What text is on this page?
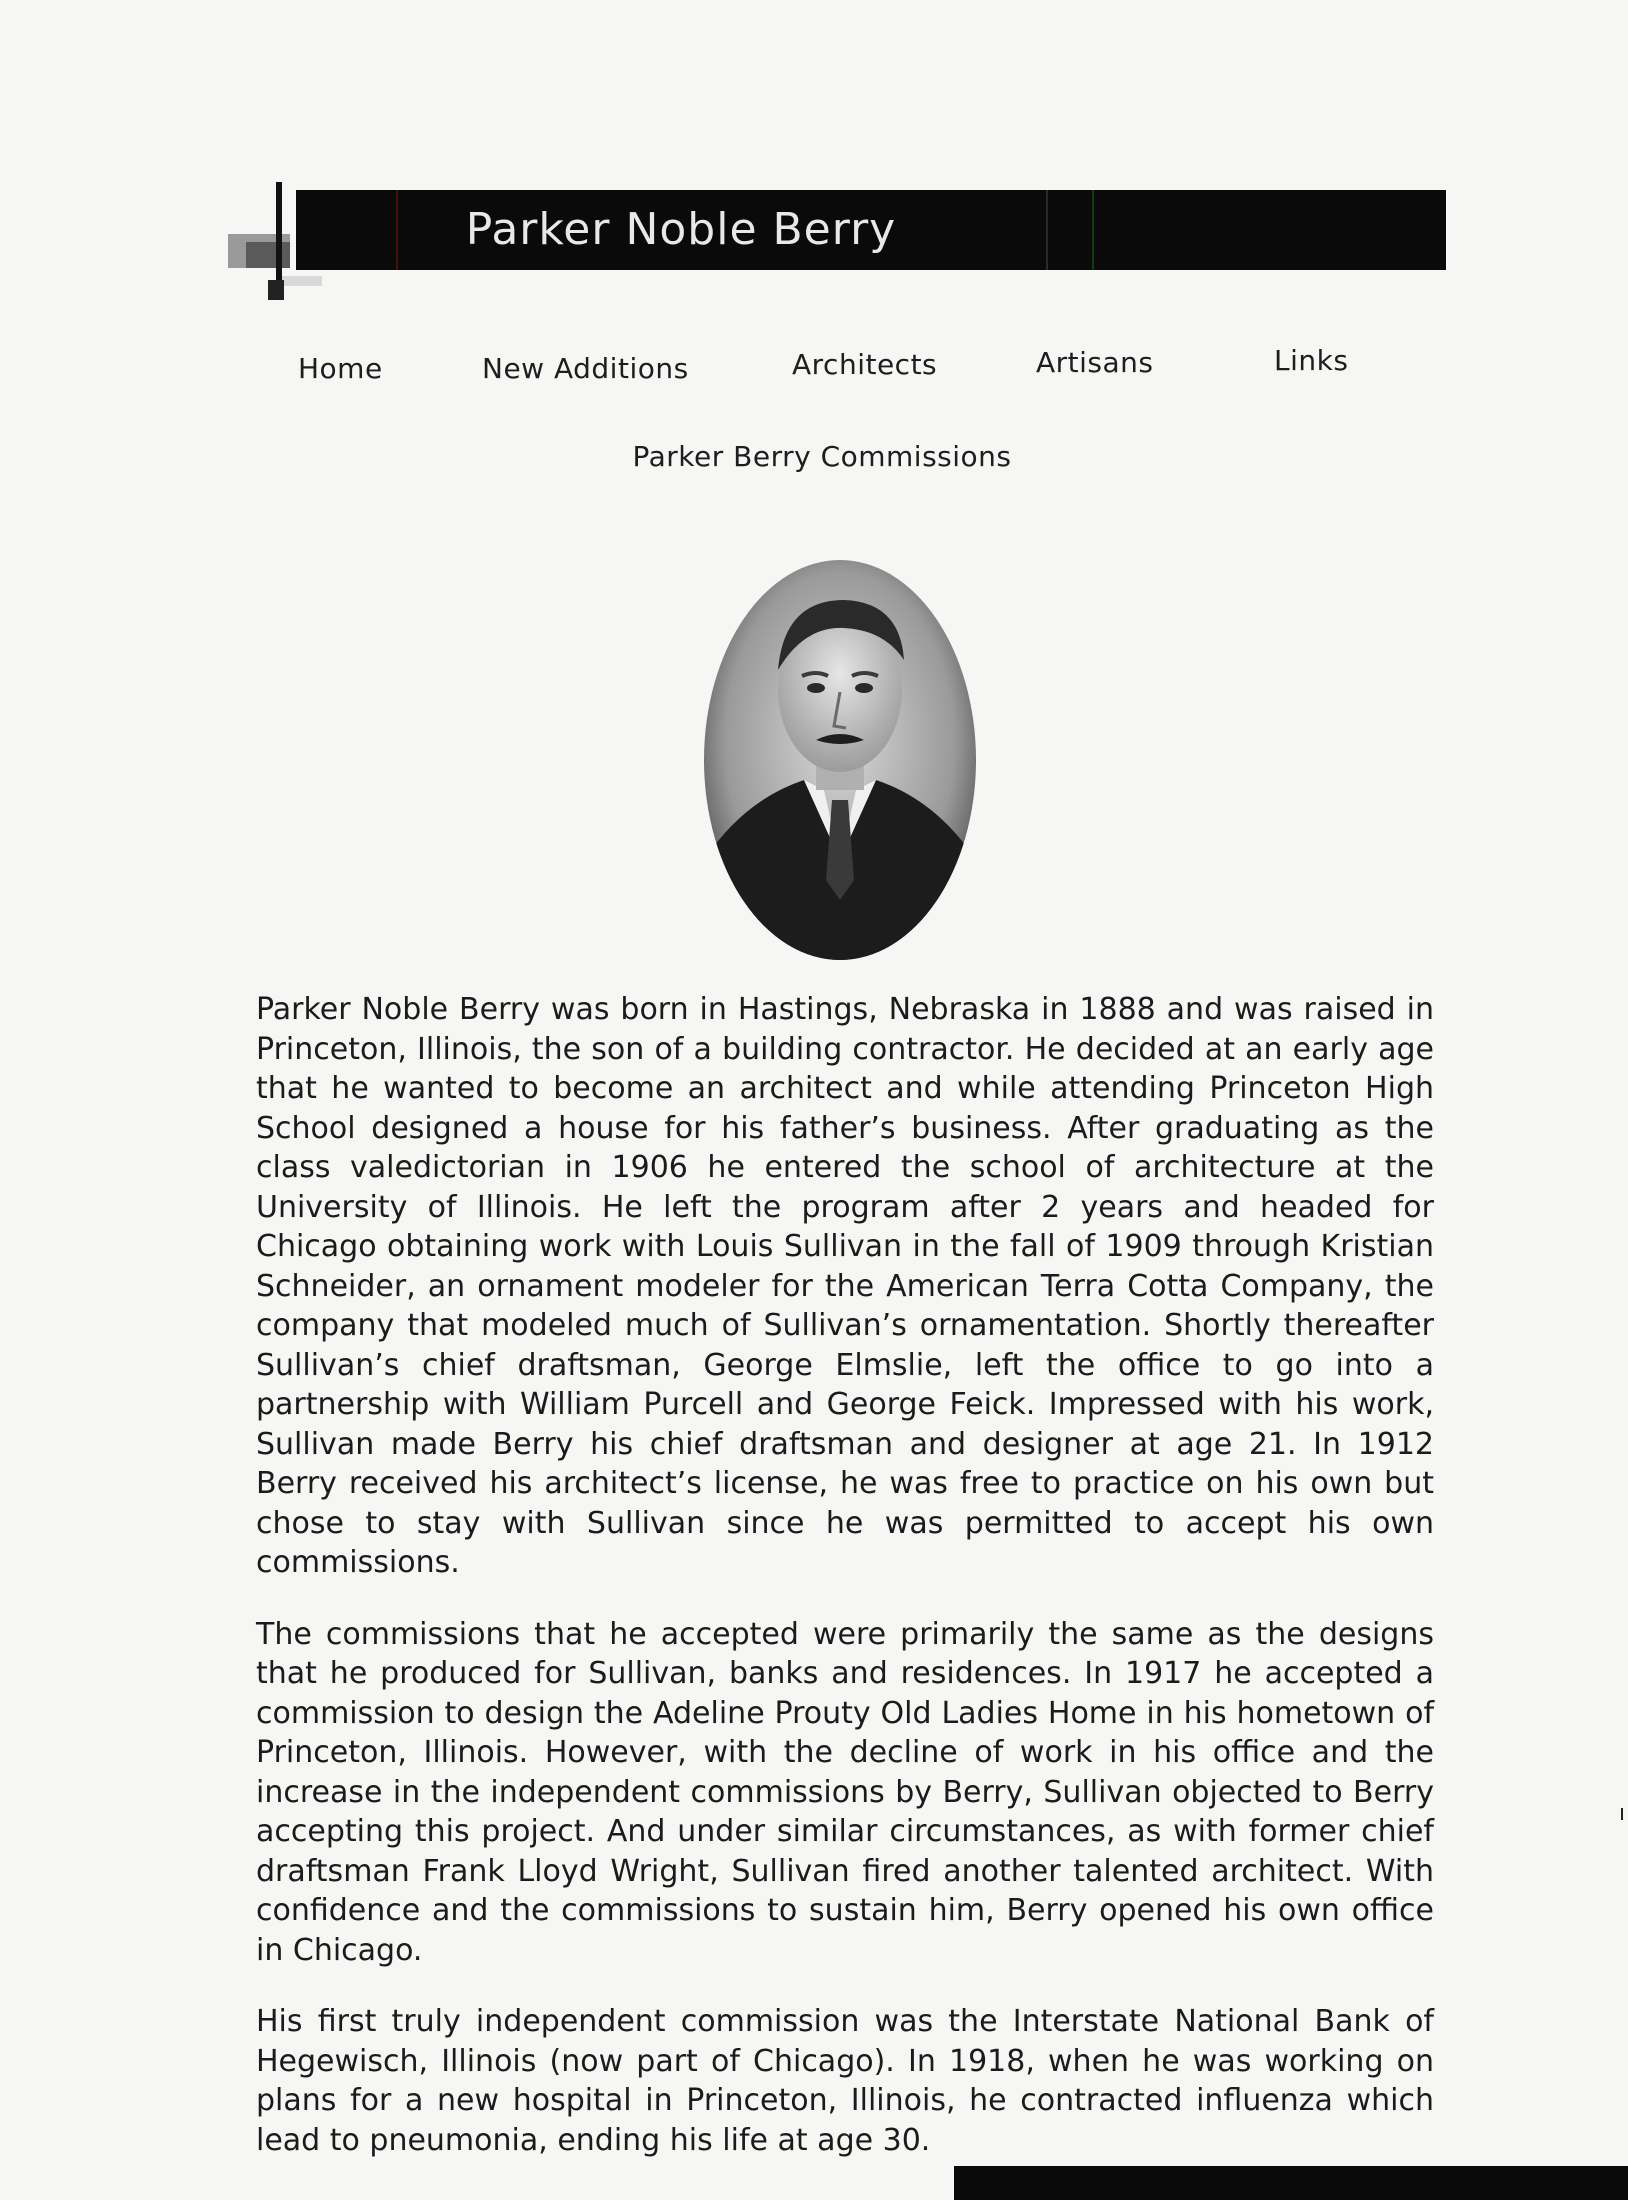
Parker Noble Berry
Home	New Additions	Architects	Artisans	Links
Parker Berry Commissions

Parker Noble Berry was born in Hastings, Nebraska in 1888 and was raised in Princeton, Illinois, the son of a building contractor. He decided at an early age that he wanted to become an architect and while attending Princeton High School designed a house for his father’s business. After graduating as the class valedictorian in 1906 he entered the school of architecture at the University of Illinois. He left the program after 2 years and headed for Chicago obtaining work with Louis Sullivan in the fall of 1909 through Kristian Schneider, an ornament modeler for the American Terra Cotta Company, the company that modeled much of Sullivan’s ornamentation. Shortly thereafter Sullivan’s chief draftsman, George Elmslie, left the office to go into a partnership with William Purcell and George Feick. Impressed with his work, Sullivan made Berry his chief draftsman and designer at age 21. In 1912 Berry received his architect’s license, he was free to practice on his own but chose to stay with Sullivan since he was permitted to accept his own commissions.

The commissions that he accepted were primarily the same as the designs that he produced for Sullivan, banks and residences. In 1917 he accepted a commission to design the Adeline Prouty Old Ladies Home in his hometown of Princeton, Illinois. However, with the decline of work in his office and the increase in the independent commissions by Berry, Sullivan objected to Berry accepting this project. And under similar circumstances, as with former chief draftsman Frank Lloyd Wright, Sullivan fired another talented architect. With confidence and the commissions to sustain him, Berry opened his own office in Chicago.

His first truly independent commission was the Interstate National Bank of Hegewisch, Illinois (now part of Chicago). In 1918, when he was working on plans for a new hospital in Princeton, Illinois, he contracted influenza which lead to pneumonia, ending his life at age 30.
